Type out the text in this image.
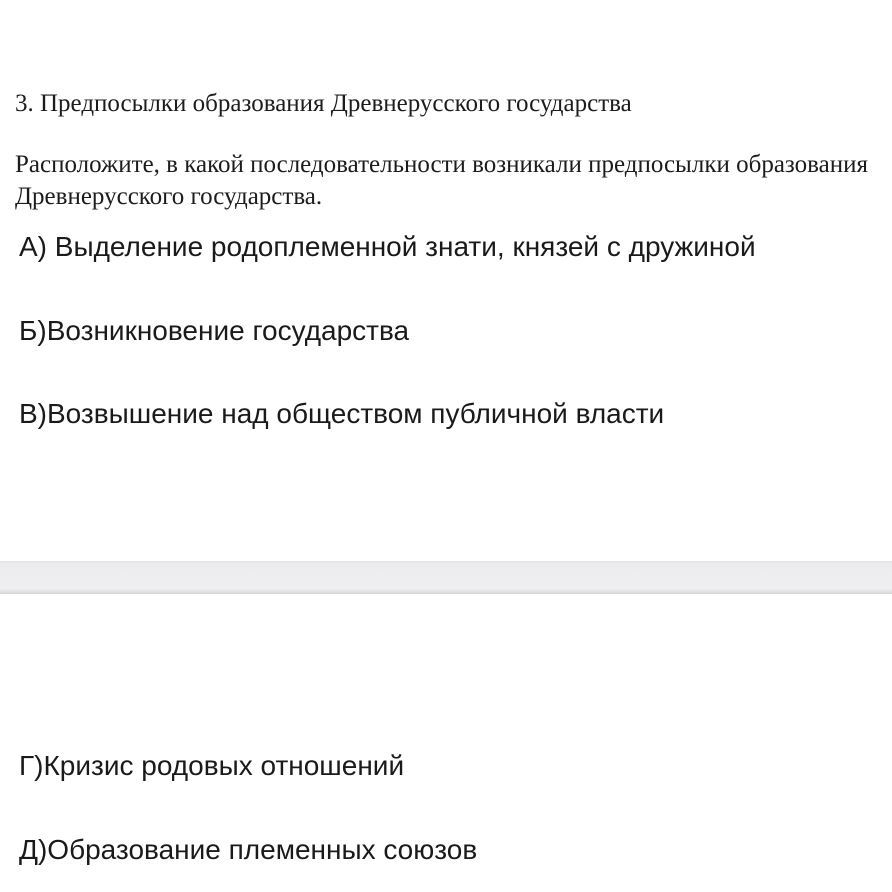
3. Предпосылки образования Древнерусского государства

Расположите, в какой последовательности возникали предпосылки образования Древнерусского государства.

А) Выделение родоплеменной знати, князей с дружиной

Б)Возникновение государства

В)Возвышение над обществом публичной власти

Г)Кризис родовых отношений

Д)Образование племенных союзов
